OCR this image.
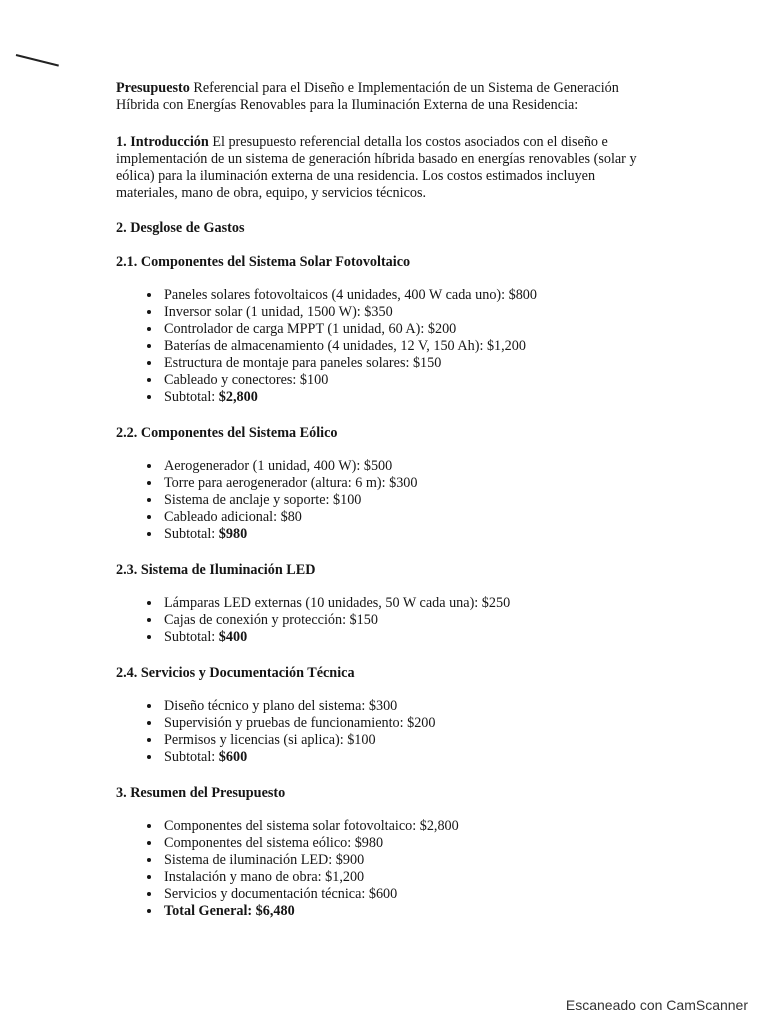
Presupuesto Referencial para el Diseño e Implementación de un Sistema de Generación Híbrida con Energías Renovables para la Iluminación Externa de una Residencia:

1. Introducción El presupuesto referencial detalla los costos asociados con el diseño e implementación de un sistema de generación híbrida basado en energías renovables (solar y eólica) para la iluminación externa de una residencia. Los costos estimados incluyen materiales, mano de obra, equipo, y servicios técnicos.

2. Desglose de Gastos
2.1. Componentes del Sistema Solar Fotovoltaico
• Paneles solares fotovoltaicos (4 unidades, 400 W cada uno): $800
• Inversor solar (1 unidad, 1500 W): $350
• Controlador de carga MPPT (1 unidad, 60 A): $200
• Baterías de almacenamiento (4 unidades, 12 V, 150 Ah): $1,200
• Estructura de montaje para paneles solares: $150
• Cableado y conectores: $100
• Subtotal: $2,800
2.2. Componentes del Sistema Eólico
• Aerogenerador (1 unidad, 400 W): $500
• Torre para aerogenerador (altura: 6 m): $300
• Sistema de anclaje y soporte: $100
• Cableado adicional: $80
• Subtotal: $980
2.3. Sistema de Iluminación LED
• Lámparas LED externas (10 unidades, 50 W cada una): $250
• Cajas de conexión y protección: $150
• Subtotal: $400
2.4. Servicios y Documentación Técnica
• Diseño técnico y plano del sistema: $300
• Supervisión y pruebas de funcionamiento: $200
• Permisos y licencias (si aplica): $100
• Subtotal: $600
3. Resumen del Presupuesto
• Componentes del sistema solar fotovoltaico: $2,800
• Componentes del sistema eólico: $980
• Sistema de iluminación LED: $900
• Instalación y mano de obra: $1,200
• Servicios y documentación técnica: $600
• Total General: $6,480
Escaneado con CamScanner
